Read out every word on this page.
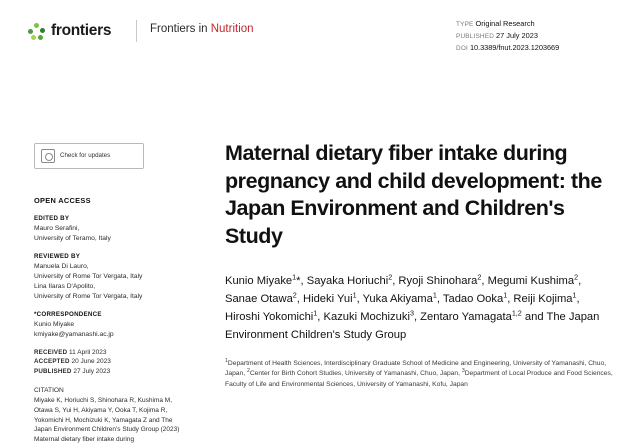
frontiers	Frontiers in Nutrition	TYPE Original Research
PUBLISHED 27 July 2023
DOI 10.3389/fnut.2023.1203669
Check for updates
OPEN ACCESS
EDITED BY
Mauro Serafini,
University of Teramo, Italy
REVIEWED BY
Manuela Di Lauro,
University of Rome Tor Vergata, Italy
Lina Ilaras D'Apolito,
University of Rome Tor Vergata, Italy
*CORRESPONDENCE
Kunio Miyake
kmiyake@yamanashi.ac.jp
RECEIVED 11 April 2023
ACCEPTED 20 June 2023
PUBLISHED 27 July 2023
CITATION
Miyake K, Horiuchi S, Shinohara R, Kushima M, Otawa S, Yui H, Akiyama Y, Ooka T, Kojima R, Yokomichi H, Mochizuki K, Yamagata Z and The Japan Environment Children's Study Group (2023) Maternal dietary fiber intake during
Maternal dietary fiber intake during pregnancy and child development: the Japan Environment and Children's Study
Kunio Miyake$^1$*, Sayaka Horiuchi$^2$, Ryoji Shinohara$^2$, Megumi Kushima$^2$, Sanae Otawa$^2$, Hideki Yui$^1$, Yuka Akiyama$^1$, Tadao Ooka$^1$, Reiji Kojima$^1$, Hiroshi Yokomichi$^1$, Kazuki Mochizuki$^3$, Zentaro Yamagata$^{1,2}$ and The Japan Environment Children's Study Group
$^1$Department of Health Sciences, Interdisciplinary Graduate School of Medicine and Engineering, University of Yamanashi, Chuo, Japan, $^2$Center for Birth Cohort Studies, University of Yamanashi, Chuo, Japan, $^3$Department of Local Produce and Food Sciences, Faculty of Life and Environmental Sciences, University of Yamanashi, Kofu, Japan
